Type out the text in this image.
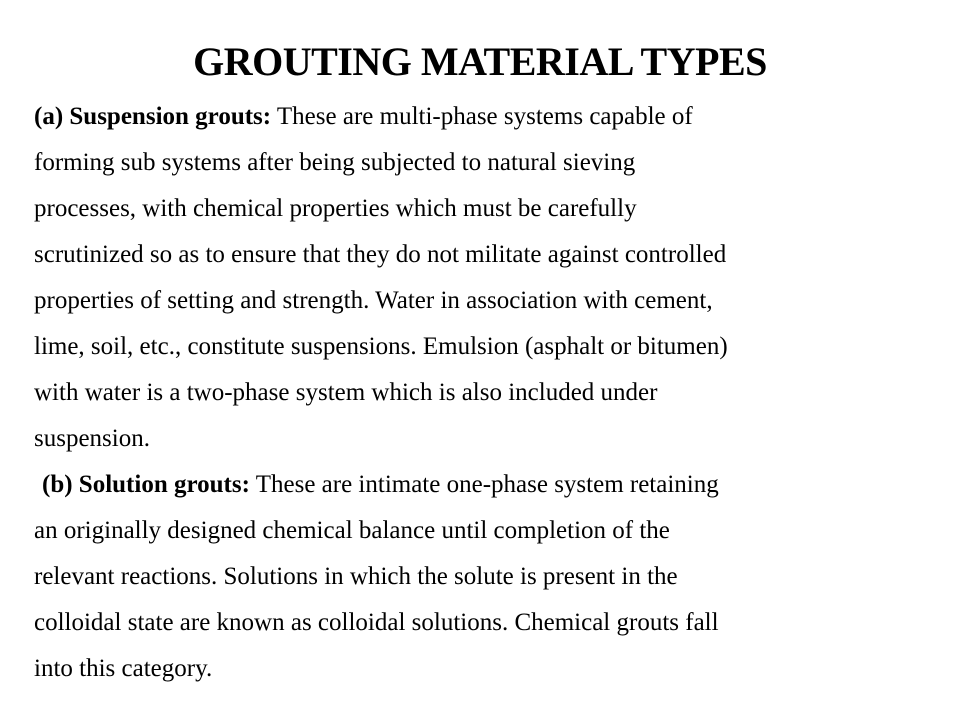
GROUTING MATERIAL TYPES
(a) Suspension grouts: These are multi-phase systems capable of
forming sub systems after being subjected to natural sieving
processes, with chemical properties which must be carefully
scrutinized so as to ensure that they do not militate against controlled
properties of setting and strength. Water in association with cement,
lime, soil, etc., constitute suspensions. Emulsion (asphalt or bitumen)
with water is a two-phase system which is also included under
suspension.
(b) Solution grouts: These are intimate one-phase system retaining
an originally designed chemical balance until completion of the
relevant reactions. Solutions in which the solute is present in the
colloidal state are known as colloidal solutions. Chemical grouts fall
into this category.
